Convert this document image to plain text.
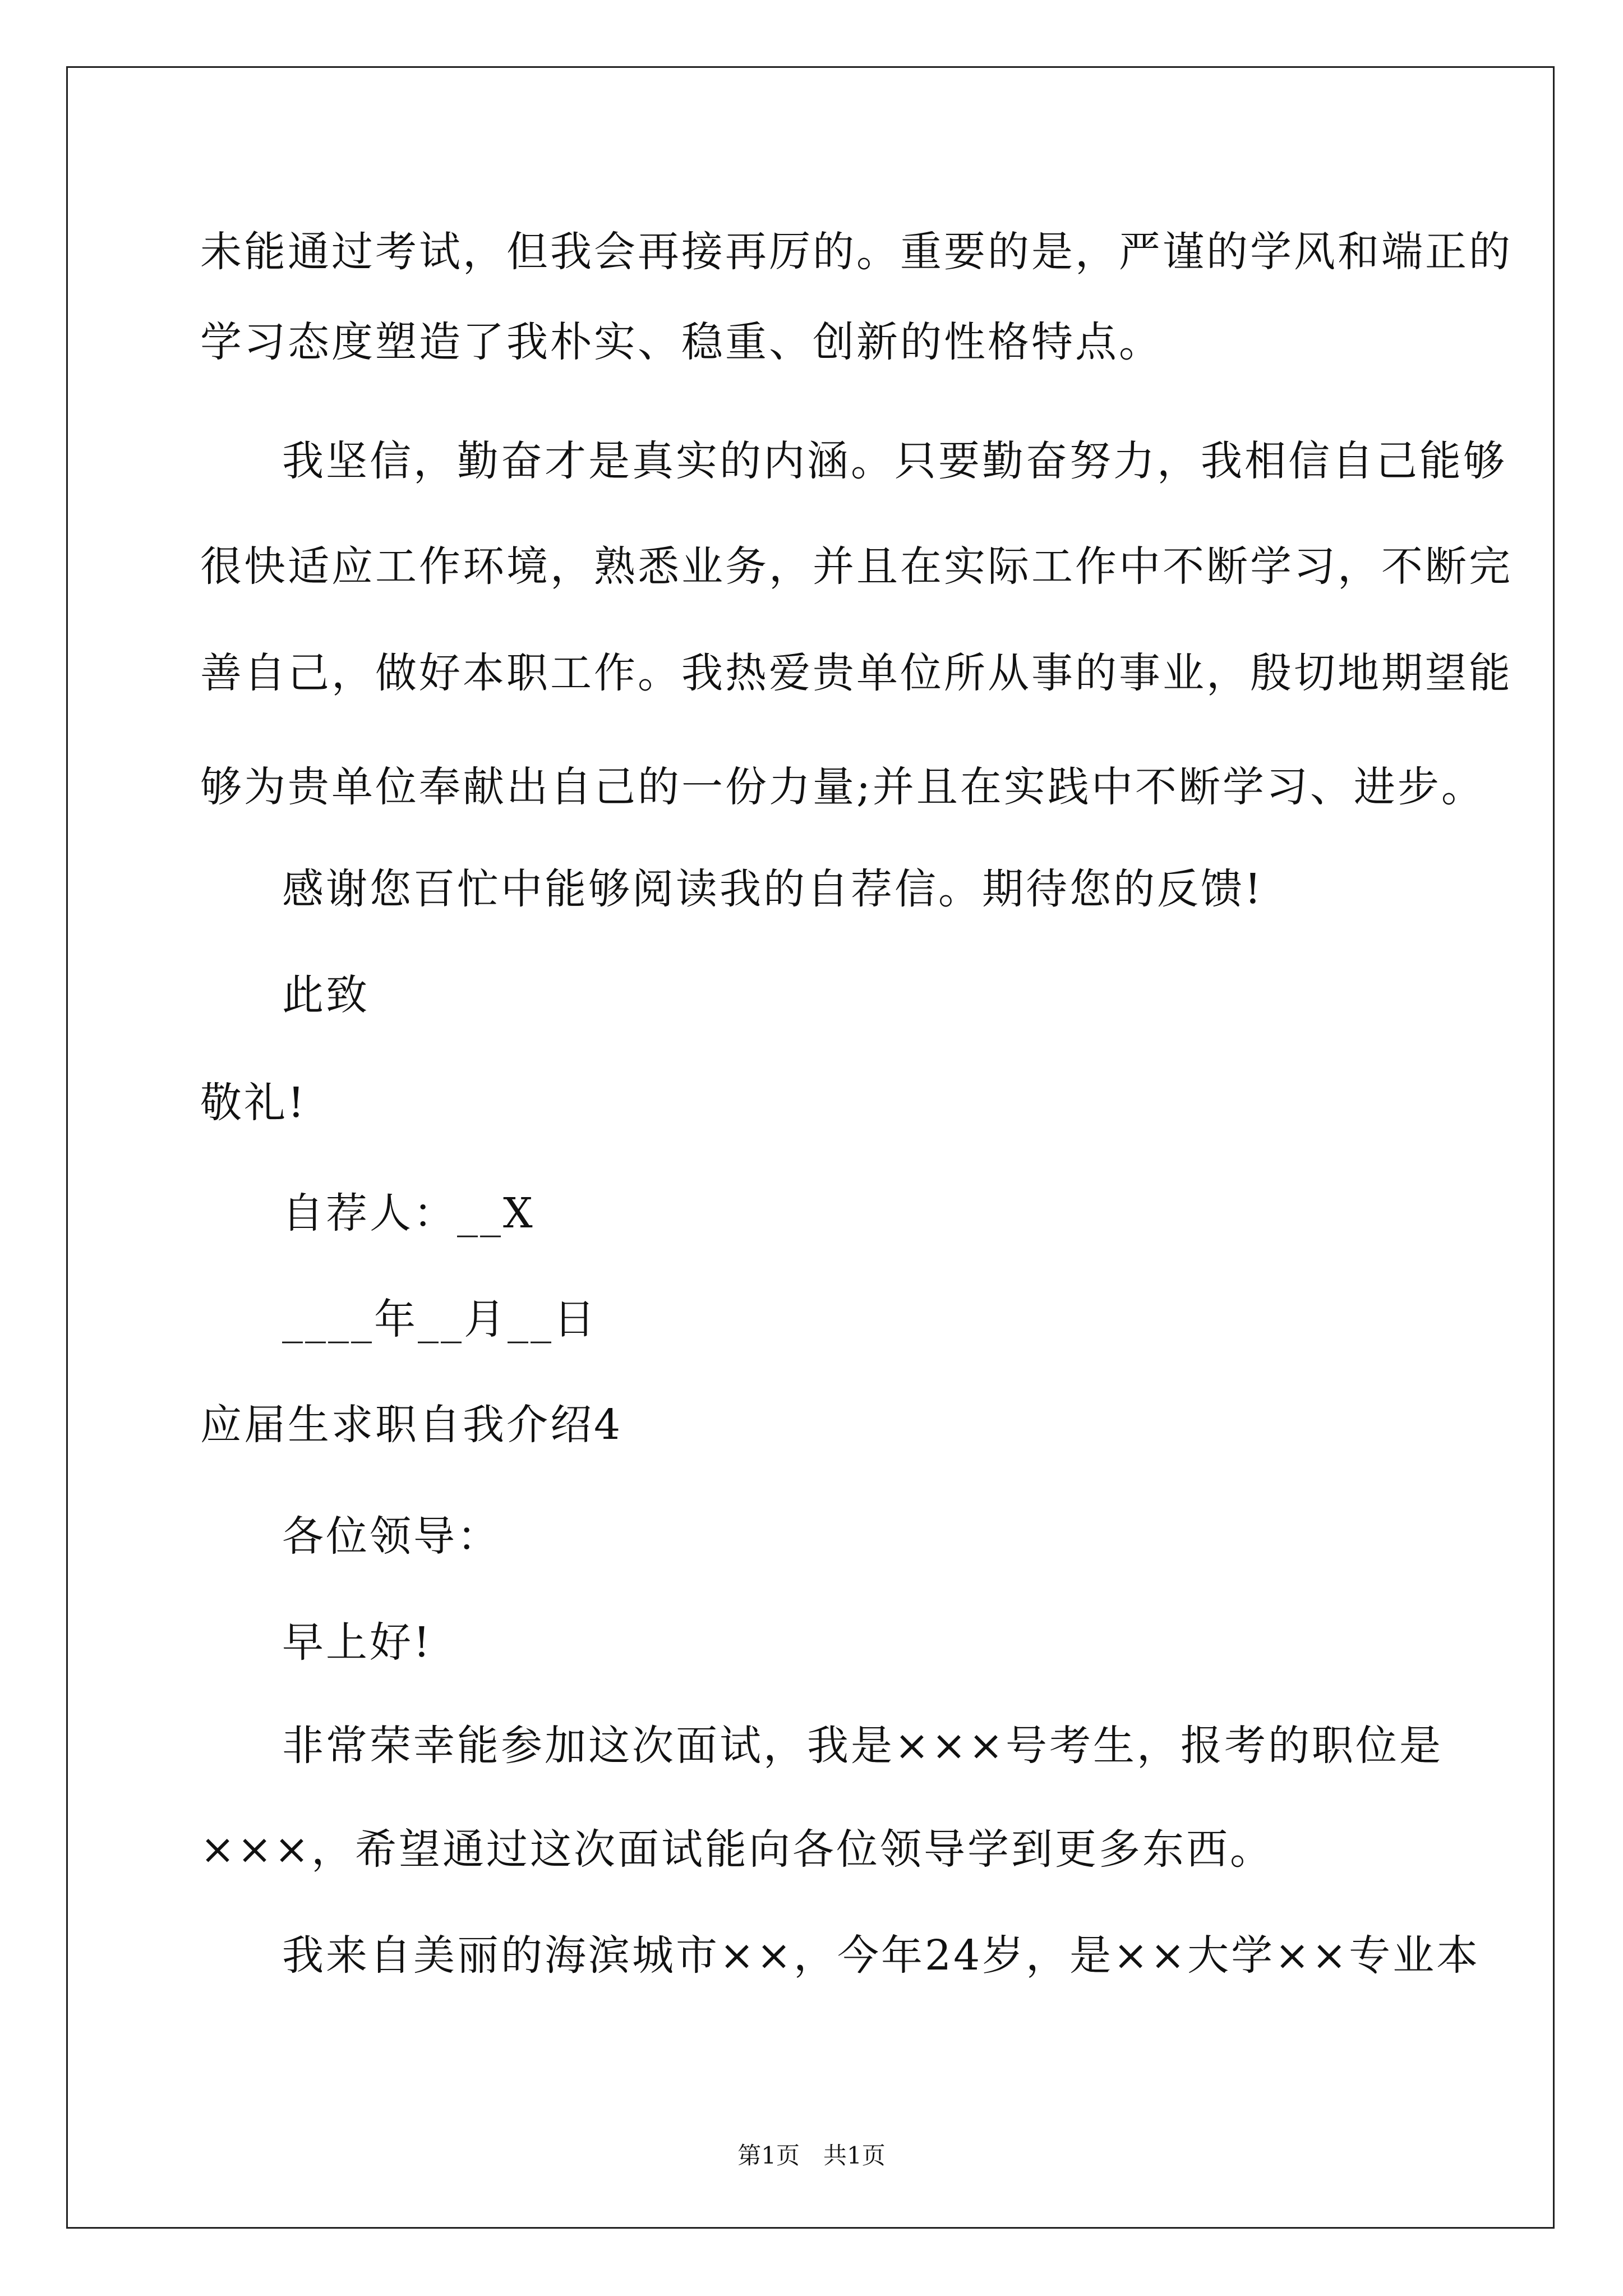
未能通过考试，但我会再接再厉的。重要的是，严谨的学风和端正的
学习态度塑造了我朴实、稳重、创新的性格特点。
我坚信，勤奋才是真实的内涵。只要勤奋努力，我相信自己能够
很快适应工作环境，熟悉业务，并且在实际工作中不断学习，不断完
善自己，做好本职工作。我热爱贵单位所从事的事业，殷切地期望能
够为贵单位奉献出自己的一份力量;并且在实践中不断学习、进步。
感谢您百忙中能够阅读我的自荐信。期待您的反馈!
此致
敬礼!
自荐人：__X
____年__月__日
应届生求职自我介绍4
各位领导：
早上好!
非常荣幸能参加这次面试，我是×××号考生，报考的职位是
×××，希望通过这次面试能向各位领导学到更多东西。
我来自美丽的海滨城市××，今年24岁，是××大学××专业本
第1页　共1页
